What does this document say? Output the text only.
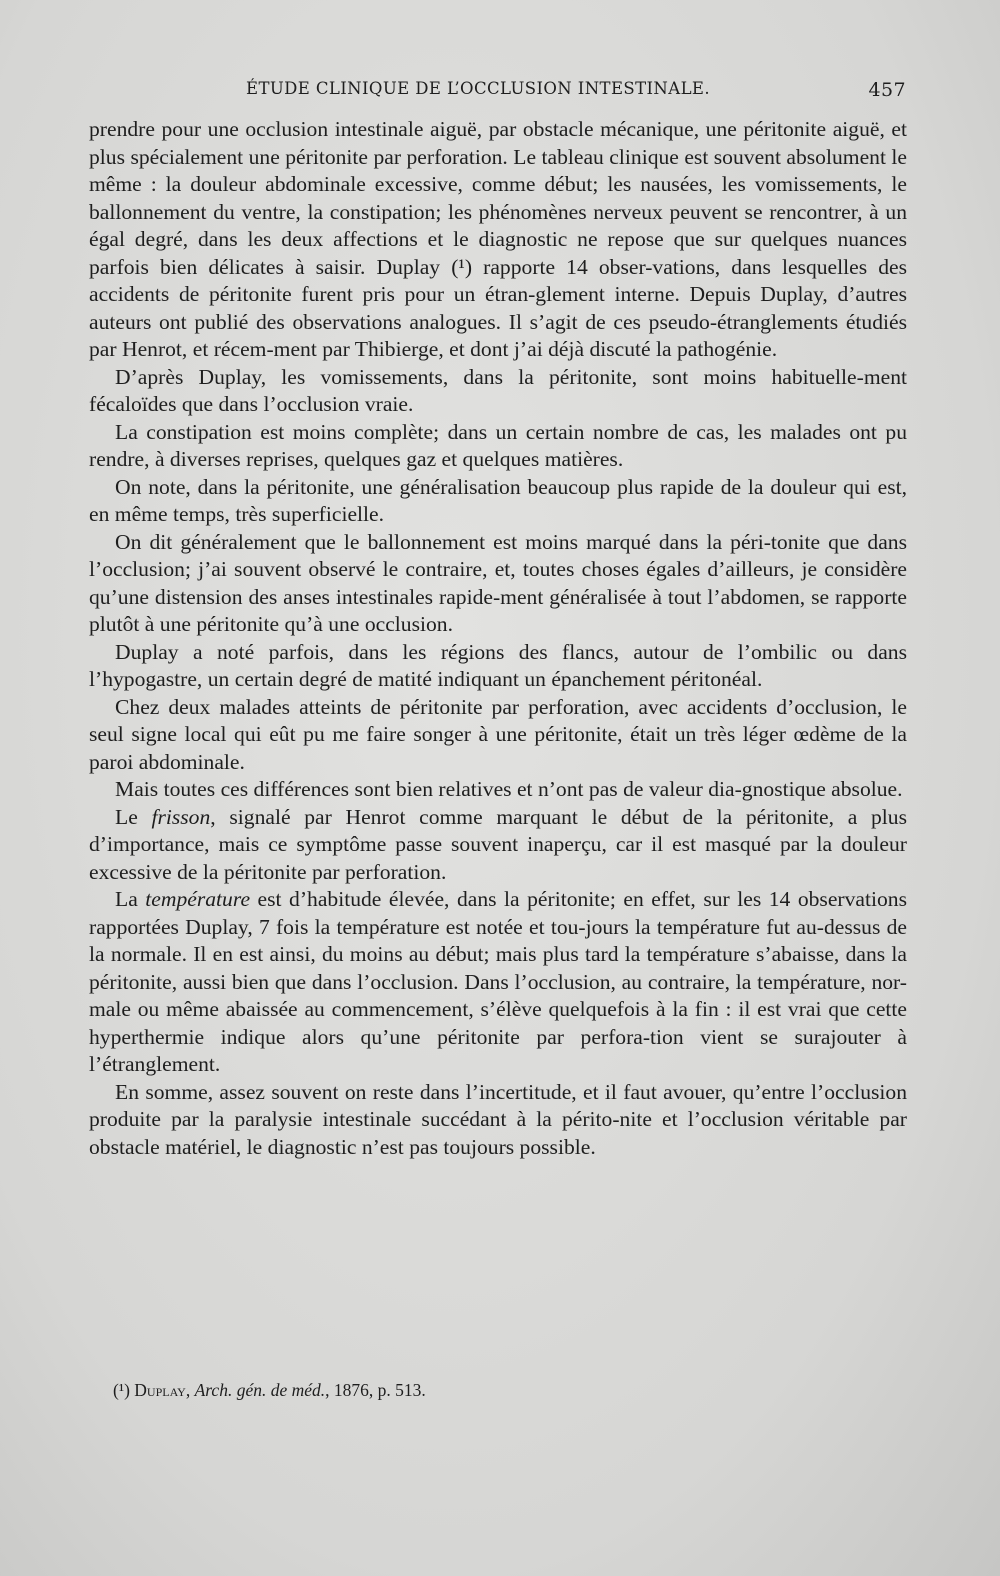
ÉTUDE CLINIQUE DE L’OCCLUSION INTESTINALE.	457

prendre pour une occlusion intestinale aiguë, par obstacle mécanique, une péritonite aiguë, et plus spécialement une péritonite par perforation. Le tableau clinique est souvent absolument le même : la douleur abdominale excessive, comme début; les nausées, les vomissements, le ballonnement du ventre, la constipation; les phénomènes nerveux peuvent se rencontrer, à un égal degré, dans les deux affections et le diagnostic ne repose que sur quelques nuances parfois bien délicates à saisir. Duplay (¹) rapporte 14 obser-vations, dans lesquelles des accidents de péritonite furent pris pour un étran-glement interne. Depuis Duplay, d’autres auteurs ont publié des observations analogues. Il s’agit de ces pseudo-étranglements étudiés par Henrot, et récem-ment par Thibierge, et dont j’ai déjà discuté la pathogénie.

D’après Duplay, les vomissements, dans la péritonite, sont moins habituelle-ment fécaloïdes que dans l’occlusion vraie.

La constipation est moins complète; dans un certain nombre de cas, les malades ont pu rendre, à diverses reprises, quelques gaz et quelques matières.

On note, dans la péritonite, une généralisation beaucoup plus rapide de la douleur qui est, en même temps, très superficielle.

On dit généralement que le ballonnement est moins marqué dans la péri-tonite que dans l’occlusion; j’ai souvent observé le contraire, et, toutes choses égales d’ailleurs, je considère qu’une distension des anses intestinales rapide-ment généralisée à tout l’abdomen, se rapporte plutôt à une péritonite qu’à une occlusion.

Duplay a noté parfois, dans les régions des flancs, autour de l’ombilic ou dans l’hypogastre, un certain degré de matité indiquant un épanchement péritonéal.

Chez deux malades atteints de péritonite par perforation, avec accidents d’occlusion, le seul signe local qui eût pu me faire songer à une péritonite, était un très léger œdème de la paroi abdominale.

Mais toutes ces différences sont bien relatives et n’ont pas de valeur dia-gnostique absolue.

Le frisson, signalé par Henrot comme marquant le début de la péritonite, a plus d’importance, mais ce symptôme passe souvent inaperçu, car il est masqué par la douleur excessive de la péritonite par perforation.

La température est d’habitude élevée, dans la péritonite; en effet, sur les 14 observations rapportées Duplay, 7 fois la température est notée et tou-jours la température fut au-dessus de la normale. Il en est ainsi, du moins au début; mais plus tard la température s’abaisse, dans la péritonite, aussi bien que dans l’occlusion. Dans l’occlusion, au contraire, la température, nor-male ou même abaissée au commencement, s’élève quelquefois à la fin : il est vrai que cette hyperthermie indique alors qu’une péritonite par perfora-tion vient se surajouter à l’étranglement.

En somme, assez souvent on reste dans l’incertitude, et il faut avouer, qu’entre l’occlusion produite par la paralysie intestinale succédant à la périto-nite et l’occlusion véritable par obstacle matériel, le diagnostic n’est pas toujours possible.

(¹) Duplay, Arch. gén. de méd., 1876, p. 513.
